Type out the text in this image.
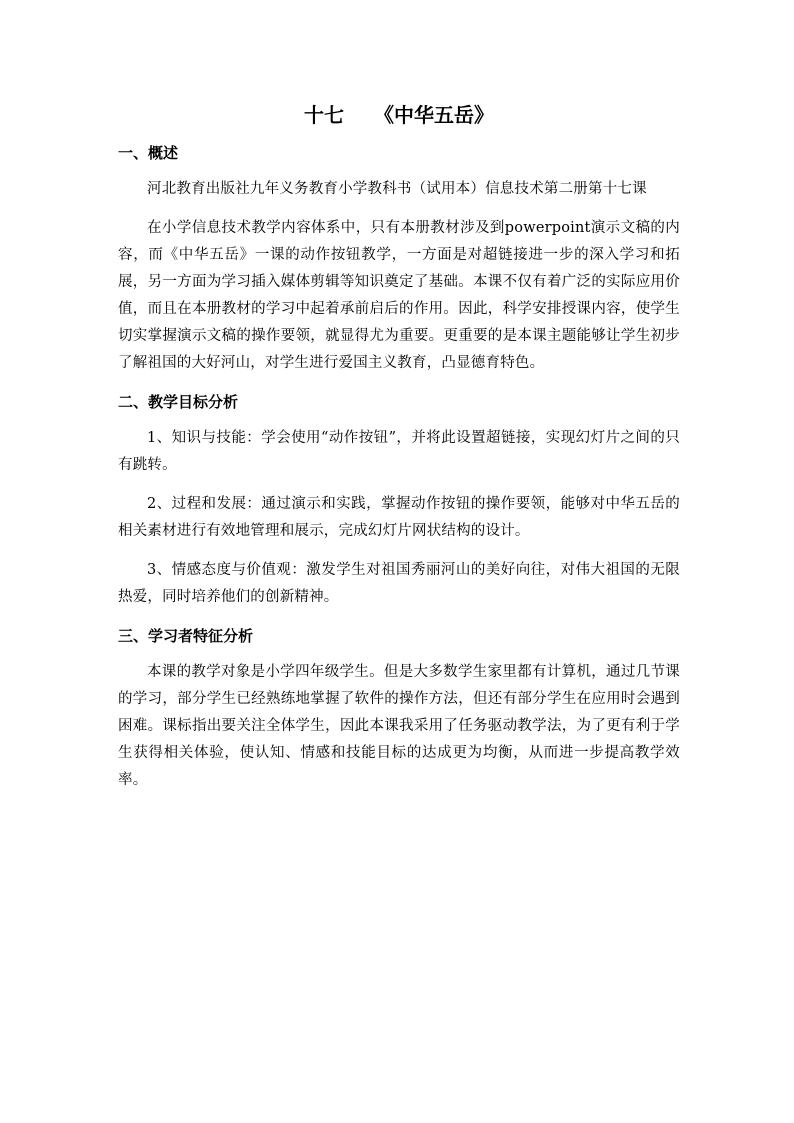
十七　　《中华五岳》
一、概述

河北教育出版社九年义务教育小学教科书（试用本）信息技术第二册第十七课

在小学信息技术教学内容体系中，只有本册教材涉及到powerpoint演示文稿的内容，而《中华五岳》一课的动作按钮教学，一方面是对超链接进一步的深入学习和拓展，另一方面为学习插入媒体剪辑等知识奠定了基础。本课不仅有着广泛的实际应用价值，而且在本册教材的学习中起着承前启后的作用。因此，科学安排授课内容，使学生切实掌握演示文稿的操作要领，就显得尤为重要。更重要的是本课主题能够让学生初步了解祖国的大好河山，对学生进行爱国主义教育，凸显德育特色。

二、教学目标分析

1、知识与技能：学会使用“动作按钮”，并将此设置超链接，实现幻灯片之间的只有跳转。

2、过程和发展：通过演示和实践，掌握动作按钮的操作要领，能够对中华五岳的相关素材进行有效地管理和展示，完成幻灯片网状结构的设计。

3、情感态度与价值观：激发学生对祖国秀丽河山的美好向往，对伟大祖国的无限热爱，同时培养他们的创新精神。

三、学习者特征分析

本课的教学对象是小学四年级学生。但是大多数学生家里都有计算机，通过几节课的学习，部分学生已经熟练地掌握了软件的操作方法，但还有部分学生在应用时会遇到困难。课标指出要关注全体学生，因此本课我采用了任务驱动教学法，为了更有利于学生获得相关体验，使认知、情感和技能目标的达成更为均衡，从而进一步提高教学效率。
